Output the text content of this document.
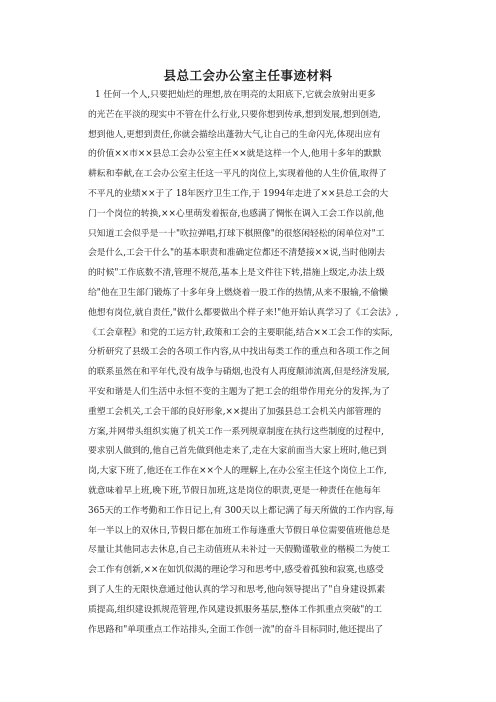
县总工会办公室主任事迹材料
1 任何一个人,只要把灿烂的理想,放在明亮的太阳底下,它就会放射出更多
的光芒在平淡的现实中不管在什么行业,只要你想到传承,想到发展,想到创造,
想到他人,更想到责任,你就会描绘出蓬勃大气,让自己的生命闪光,体现出应有
的价值××市××县总工会办公室主任××就是这样一个人,他用十多年的默默
耕耘和奉献,在工会办公室主任这一平凡的岗位上,实现着他的人生价值,取得了
不平凡的业绩××于了 18年医疗卫生工作,于 1994年走进了××县总工会的大
门一个岗位的转换,××心里萌发着振奋,也感满了惆怅在调入工会工作以前,他
只知道工会似乎是一十"吹拉弹唱,打球下棋照像"的很悠闲轻松的闲单位对"工
会是什么,工会干什么"的基本职责和准确定位都还不清楚接××说,当时他刚去
的时候"工作底数不清,管理不规范,基本上是文件往下转,措施上级定,办法上级
给"他在卫生部门锻炼了十多年身上燃烧着一股工作的热情,从来不服输,不偷懒
他想有岗位,就自责任,"做什么都要做出个样子来!"他开始认真学习了《工会法》,
《工会章程》和党的工运方针,政策和工会的主要职能,结合××工会工作的实际,
分析研究了县级工会的各项工作内容,从中找出每类工作的重点和各项工作之间
的联系虽然在和平年代,没有战争与硝烟,也没有人再度颠沛流离,但是经济发展,
平安和谐是人们生活中永恒不变的主题为了把工会的组带作用充分的发挥,为了
重塑工会机关,工会干部的良好形象,××提出了加强县总工会机关内部管理的
方案,并网带头组织实施了机关工作一系列规章制度在执行这些制度的过程中,
要求别人做到的,他自己首先做到他走来了,走在大家前面当大家上班时,他已到
岗,大家下班了,他还在工作在××个人的理解上,在办公室主任这个岗位上工作,
就意味着早上班,晚下班,节假日加班,这是岗位的职责,更是一种责任在他每年
365天的工作考勤和工作日记上,有 300天以上都记满了每天所做的工作内容,每
年一半以上的双休日,节假日都在加班工作每逢重大节假日单位需要值班他总是
尽量让其他同志去休息,自己主动值班从未补过一天假勤谨敬业的楷模二为使工
会工作有创新,××在如饥似渴的理论学习和思考中,感受着孤独和寂寞,也感受
到了人生的无限快意通过他认真的学习和思考,他向领导提出了"自身建设抓素
质提高,组织建设抓规范管理,作风建设抓服务基层,整体工作抓重点突破"的工
作思路和"单项重点工作站排头,全面工作创一流"的奋斗目标同时,他还提出了
